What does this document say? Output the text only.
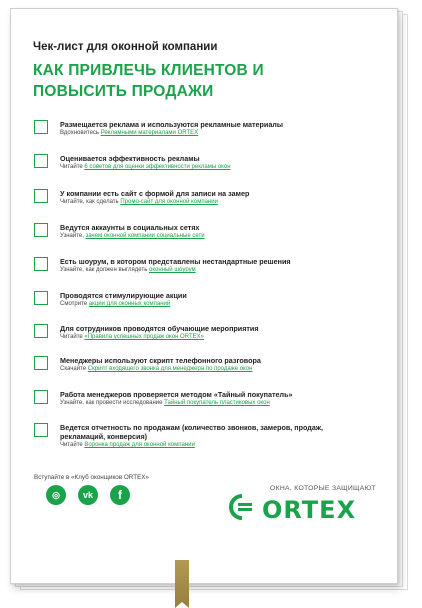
Чек-лист для оконной компании
КАК ПРИВЛЕЧЬ КЛИЕНТОВ И ПОВЫСИТЬ ПРОДАЖИ
Размещается реклама и используются рекламные материалы
Вдохновитесь Рекламными материалами ORTEX
Оценивается эффективность рекламы
Читайте 6 советов для оценки эффективности рекламы окон
У компании есть сайт с формой для записи на замер
Читайте, как сделать Промо-сайт для оконной компании
Ведутся аккаунты в социальных сетях
Узнайте, зачем оконной компании социальные сети
Есть шоурум, в котором представлены нестандартные решения
Узнайте, как должен выглядеть оконный шоурум
Проводятся стимулирующие акции
Смотрите акции для оконных компаний
Для сотрудников проводятся обучающие мероприятия
Читайте «Правила успешных продаж окон ORTEX»
Менеджеры используют скрипт телефонного разговора
Скачайте Скрипт входящего звонка для менеджера по продаже окон
Работа менеджеров проверяется методом «Тайный покупатель»
Узнайте, как провести исследование Тайный покупатель пластиковых окон
Ведется отчетность по продажам (количество звонков, замеров, продаж, рекламаций, конверсия)
Читайте Воронка продаж для оконной компании
Вступайте в «Клуб оконщиков ORTEX»
◎	vk	f	ОКНА, КОТОРЫЕ ЗАЩИЩАЮТ
ORTEX
